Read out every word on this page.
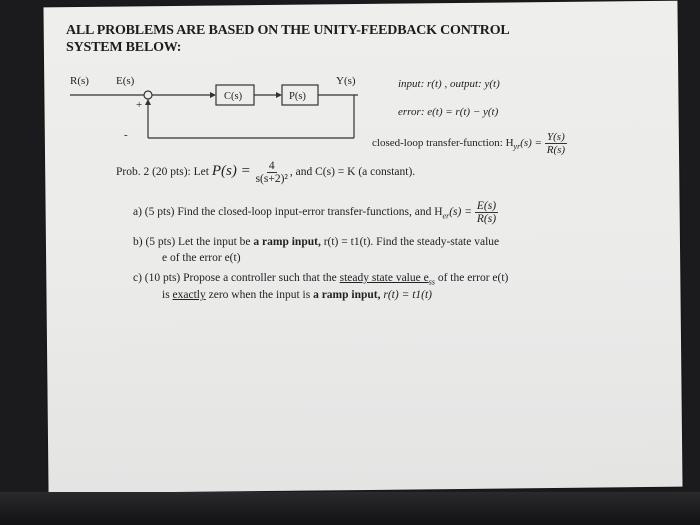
ALL PROBLEMS ARE BASED ON THE UNITY-FEEDBACK CONTROL
SYSTEM BELOW:
R(s) E(s)	Y(s)
C(s)	P(s)
+
-
input: r(t) , output: y(t)
error: e(t) = r(t) − y(t)
closed-loop transfer-function: $H_{yr}(s) = \frac{Y(s)}{R(s)}$
Prob. 2 (20 pts): Let $P(s) = \frac{4}{\text{s(s+2)²}}$ , and C(s) = K (a constant).
a) (5 pts) Find the closed-loop input-error transfer-functions, and $H_{er}(s) = \frac{E(s)}{R(s)}$
b) (5 pts) Let the input be a ramp input, r(t) = t1(t). Find the steady-state value
e of the error e(t)
c) (10 pts) Propose a controller such that the steady state value $e_{ss}$ of the error e(t)
is exactly zero when the input is a ramp input, r(t) = t1(t)
